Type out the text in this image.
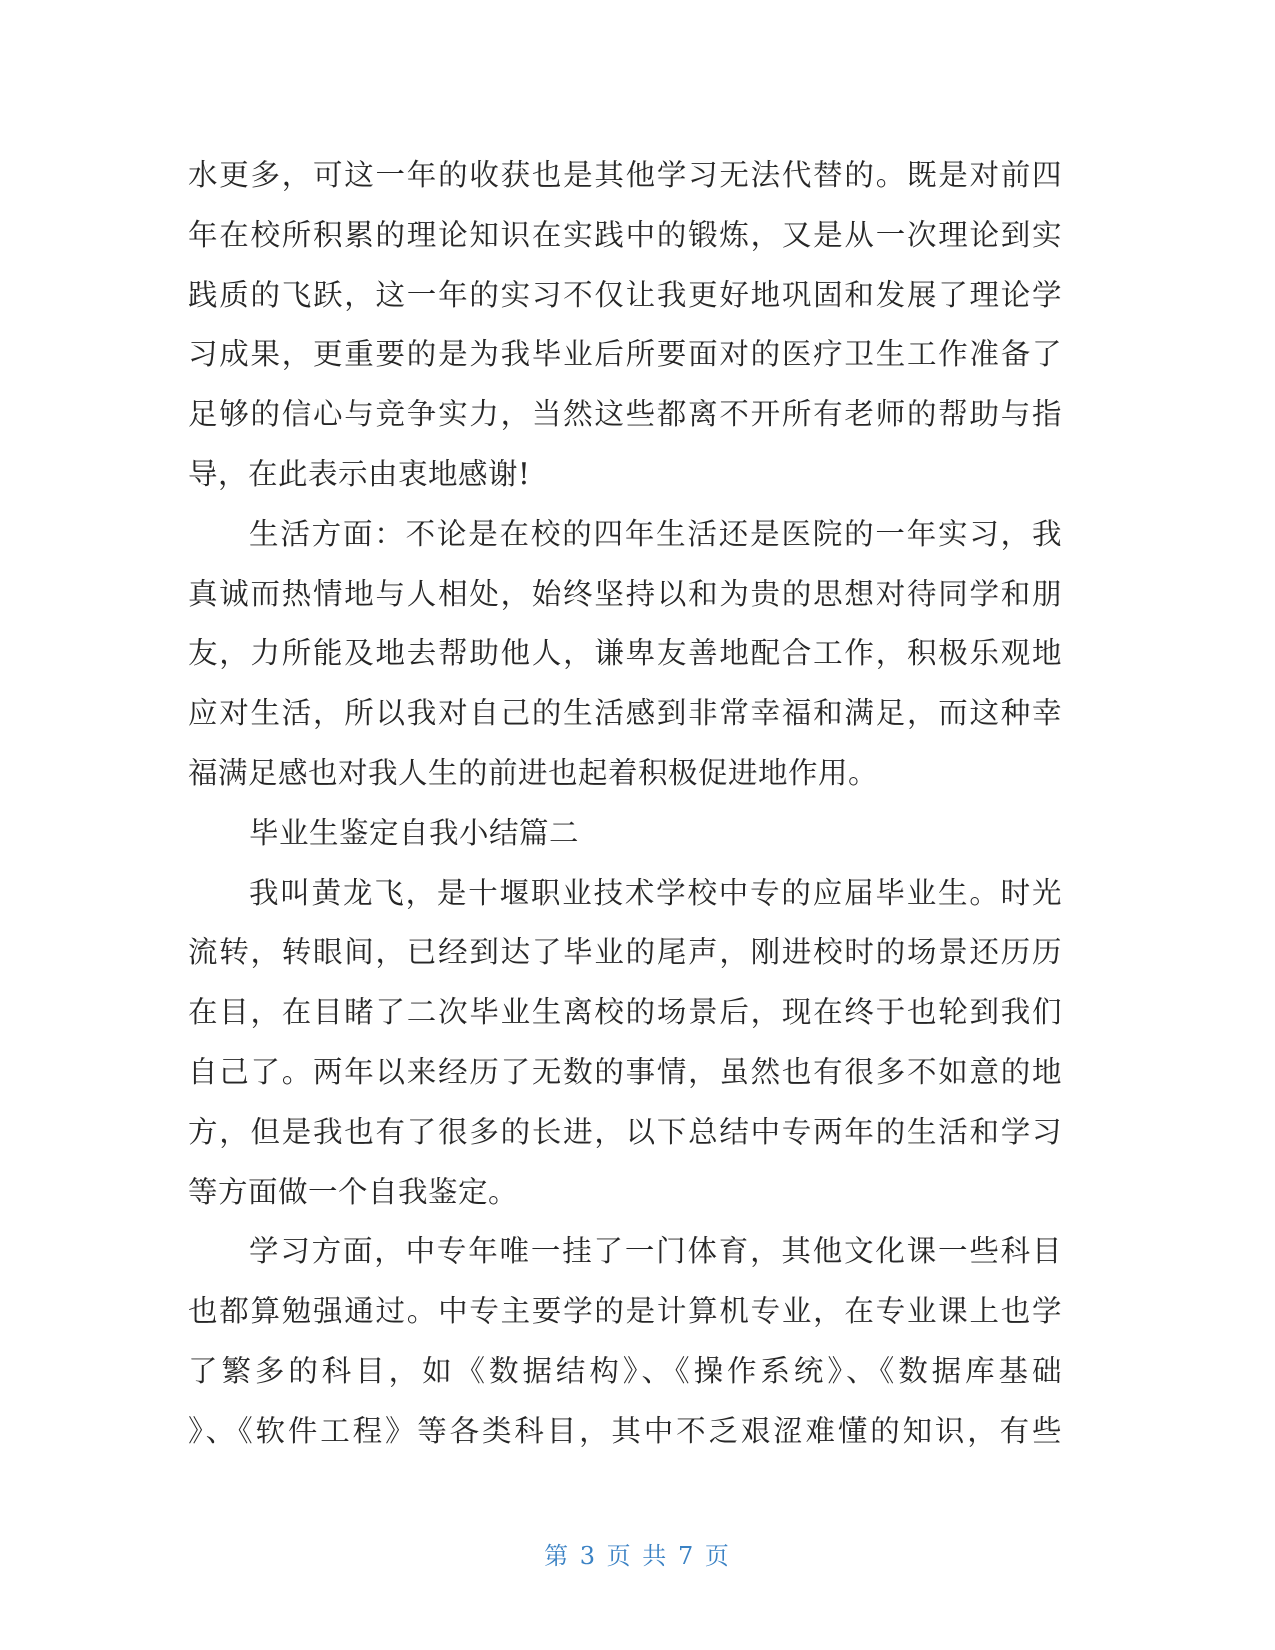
水更多，可这一年的收获也是其他学习无法代替的。既是对前四
年在校所积累的理论知识在实践中的锻炼，又是从一次理论到实
践质的飞跃，这一年的实习不仅让我更好地巩固和发展了理论学
习成果，更重要的是为我毕业后所要面对的医疗卫生工作准备了
足够的信心与竞争实力，当然这些都离不开所有老师的帮助与指
导，在此表示由衷地感谢!
生活方面：不论是在校的四年生活还是医院的一年实习，我
真诚而热情地与人相处，始终坚持以和为贵的思想对待同学和朋
友，力所能及地去帮助他人，谦卑友善地配合工作，积极乐观地
应对生活，所以我对自己的生活感到非常幸福和满足，而这种幸
福满足感也对我人生的前进也起着积极促进地作用。
毕业生鉴定自我小结篇二
我叫黄龙飞，是十堰职业技术学校中专的应届毕业生。时光
流转，转眼间，已经到达了毕业的尾声，刚进校时的场景还历历
在目，在目睹了二次毕业生离校的场景后，现在终于也轮到我们
自己了。两年以来经历了无数的事情，虽然也有很多不如意的地
方，但是我也有了很多的长进，以下总结中专两年的生活和学习
等方面做一个自我鉴定。
学习方面，中专年唯一挂了一门体育，其他文化课一些科目
也都算勉强通过。中专主要学的是计算机专业，在专业课上也学
了繁多的科目，如《数据结构》、《操作系统》、《数据库基础
》、《软件工程》等各类科目，其中不乏艰涩难懂的知识，有些
第 3 页 共 7 页
